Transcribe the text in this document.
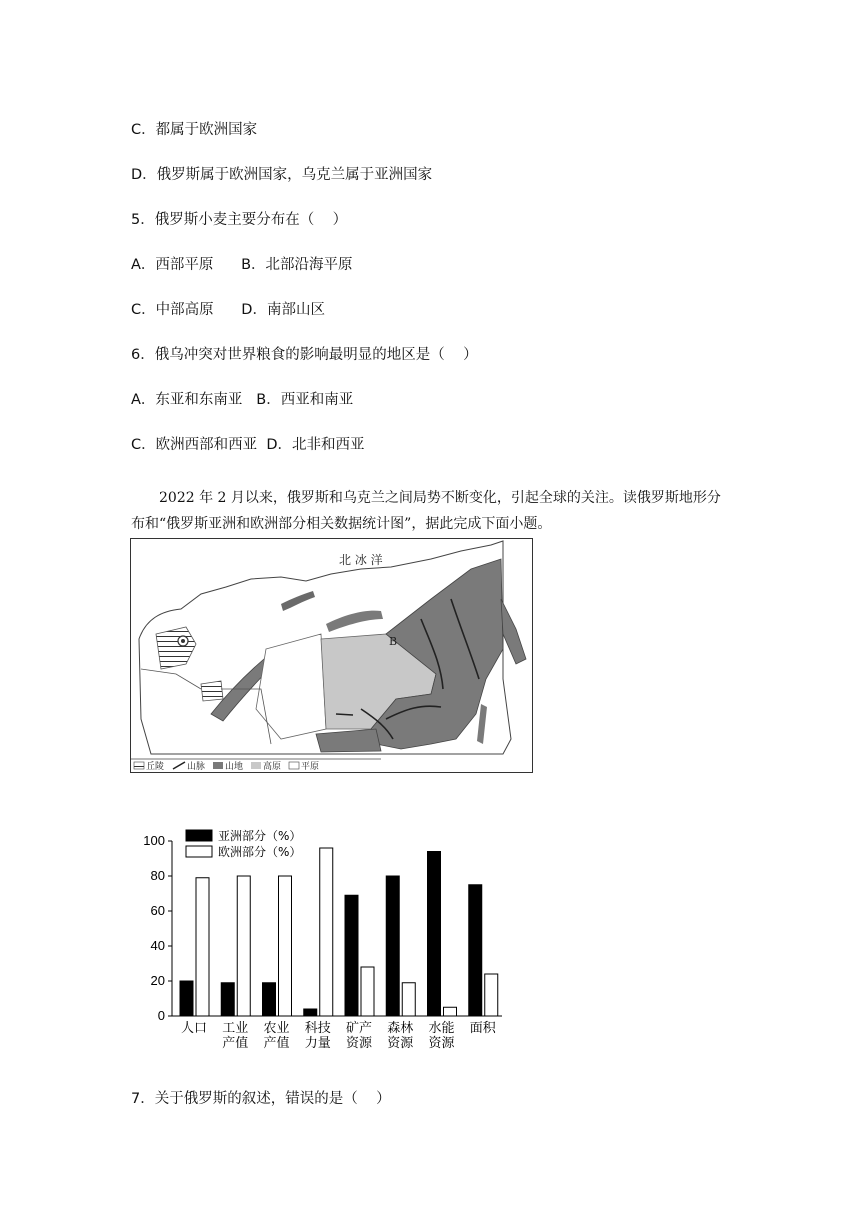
C．都属于欧洲国家
D．俄罗斯属于欧洲国家，乌克兰属于亚洲国家
5．俄罗斯小麦主要分布在（    ）
A．西部平原      B．北部沿海平原
C．中部高原      D．南部山区
6．俄乌冲突对世界粮食的影响最明显的地区是（    ）
A．东亚和东南亚   B．西亚和南亚
C．欧洲西部和西亚  D．北非和西亚
2022 年 2 月以来，俄罗斯和乌克兰之间局势不断变化，引起全球的关注。读俄罗斯地形分布和“俄罗斯亚洲和欧洲部分相关数据统计图”，据此完成下面小题。
北 冰 洋
B
丘陵	山脉 山地 高原 平原
0
20
40
60
80
100
人口 工业
产值
农业
产值
科技
力量
矿产
资源
森林
资源
水能
资源
面积
亚洲部分（%）
欧洲部分（%）
7．关于俄罗斯的叙述，错误的是（    ）
